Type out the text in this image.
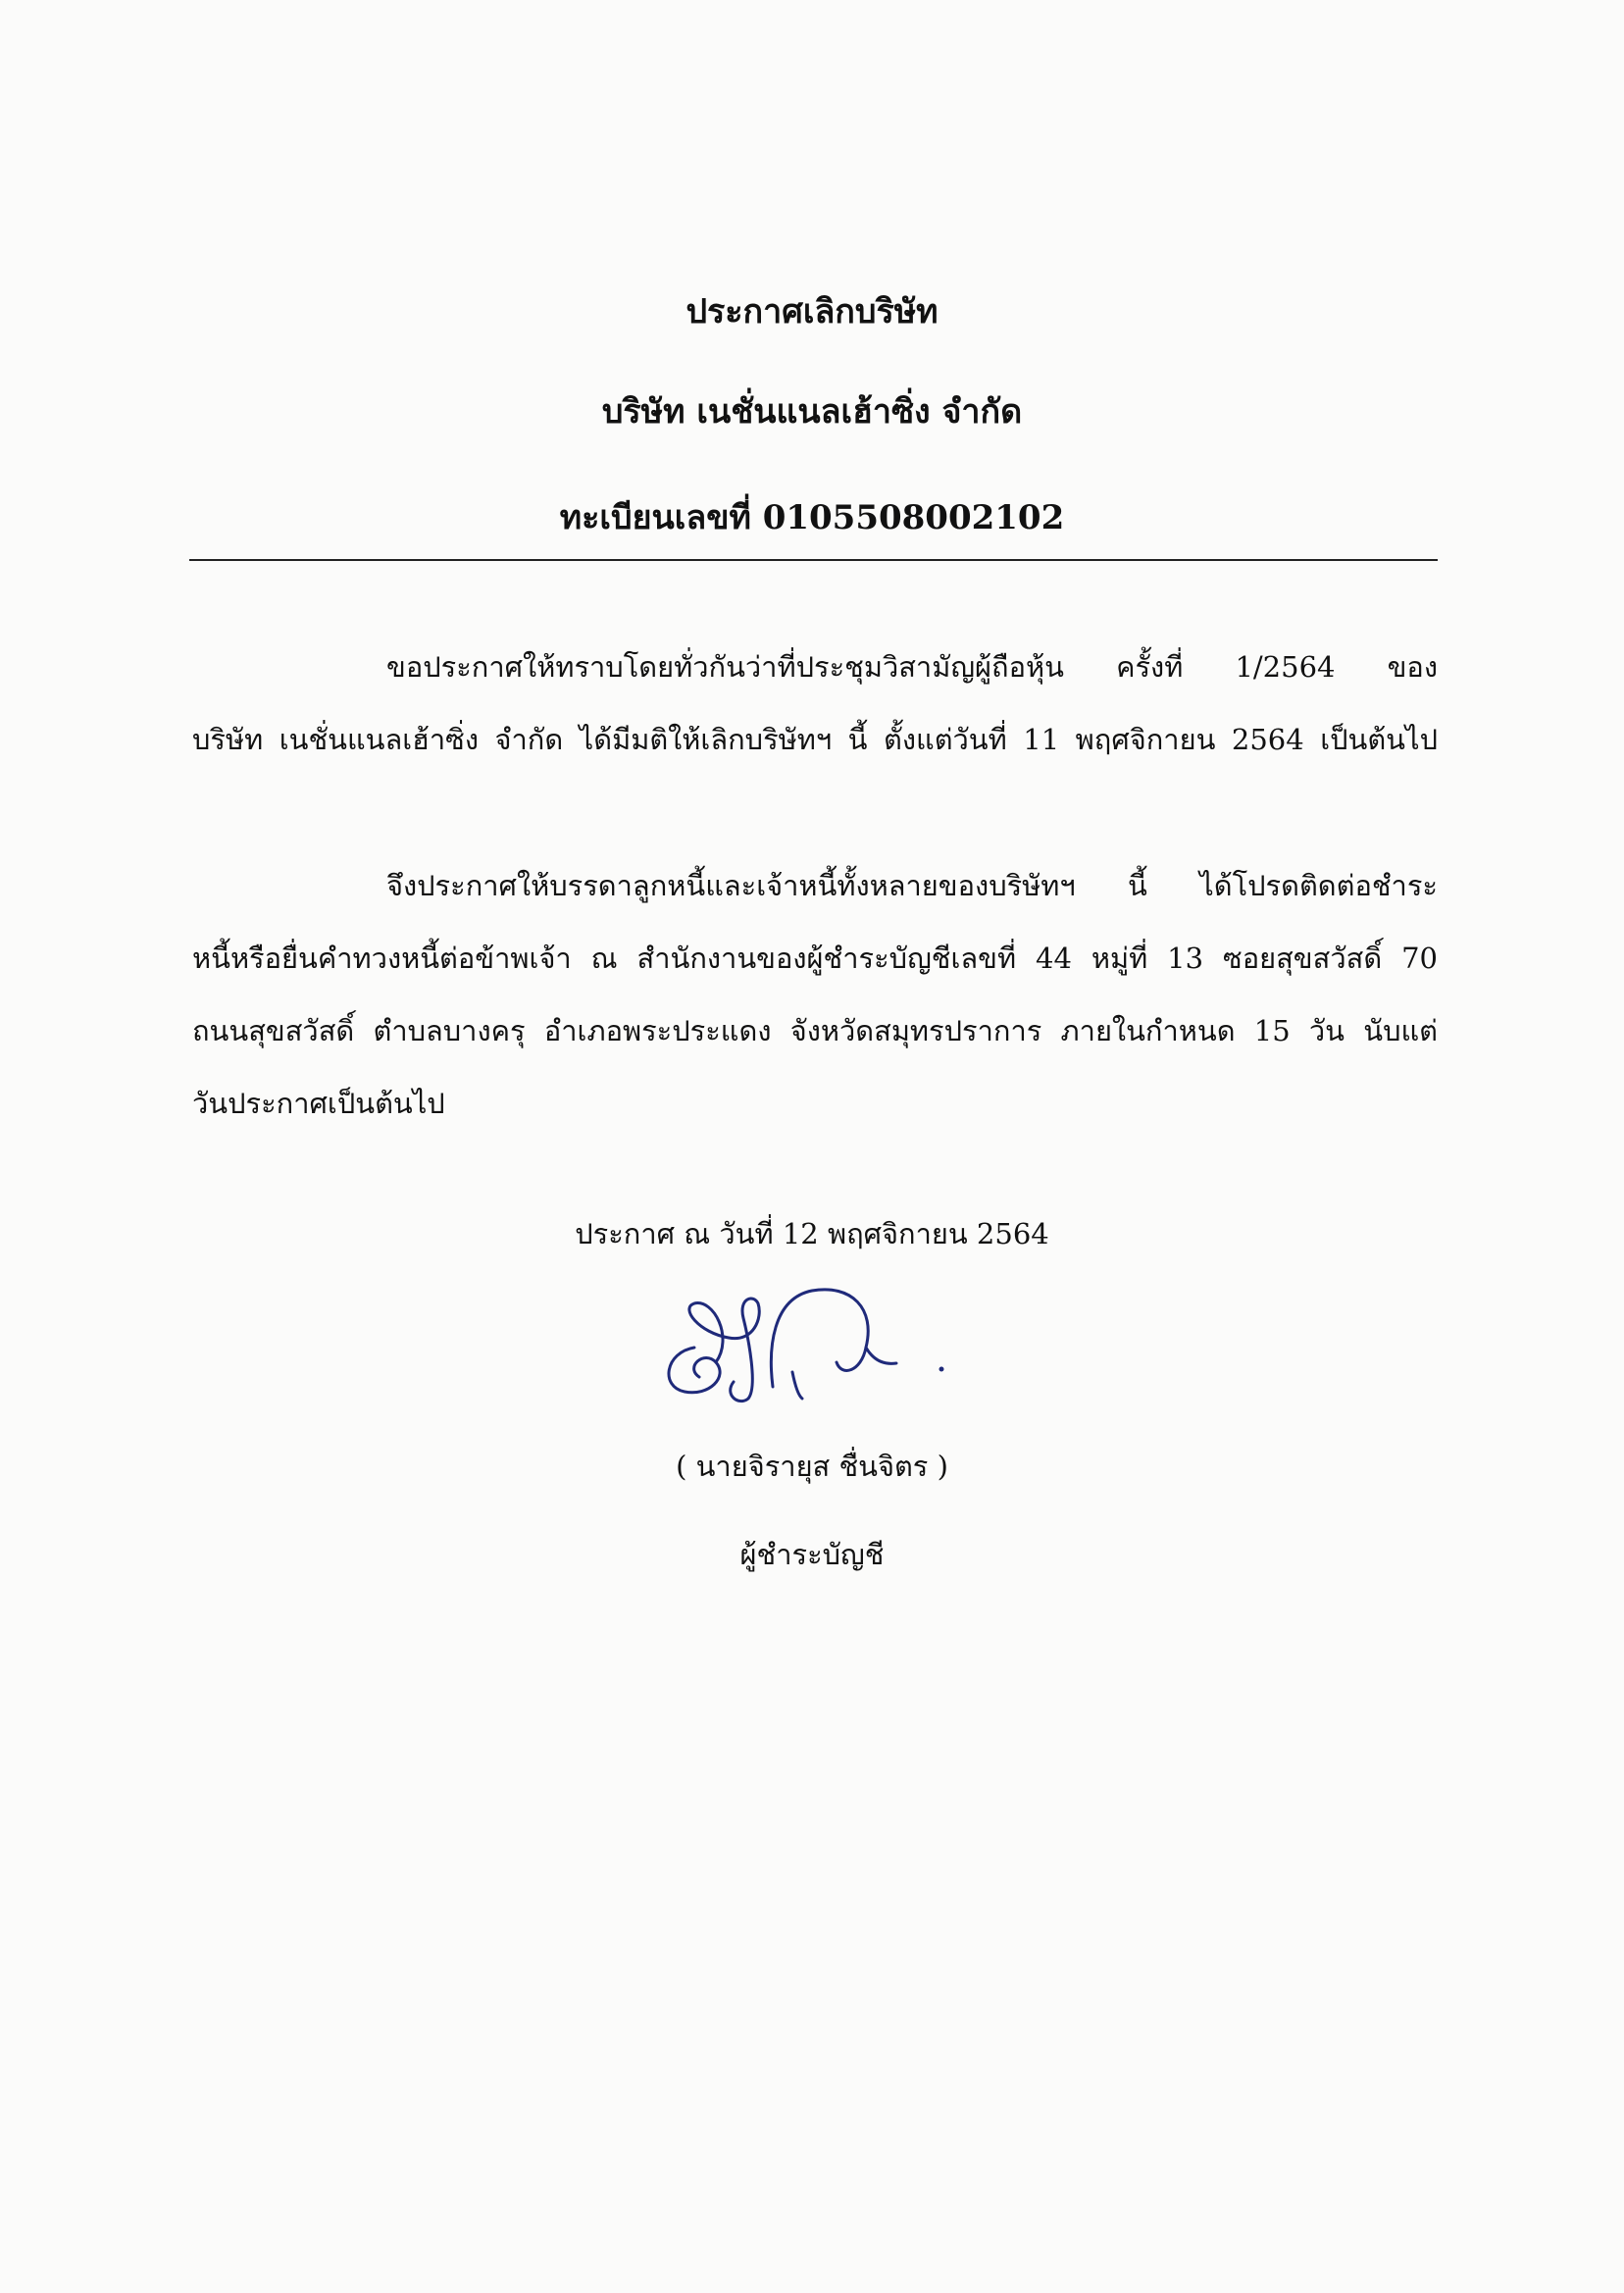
ประกาศเลิกบริษัท
บริษัท เนชั่นแนลเฮ้าซิ่ง จำกัด
ทะเบียนเลขที่ 0105508002102
ขอประกาศให้ทราบโดยทั่วกันว่าที่ประชุมวิสามัญผู้ถือหุ้น ครั้งที่ 1/2564 ของ
บริษัท เนชั่นแนลเฮ้าซิ่ง จำกัด ได้มีมติให้เลิกบริษัทฯ นี้ ตั้งแต่วันที่ 11 พฤศจิกายน 2564 เป็นต้นไป
จึงประกาศให้บรรดาลูกหนี้และเจ้าหนี้ทั้งหลายของบริษัทฯ นี้ ได้โปรดติดต่อชำระ
หนี้หรือยื่นคำทวงหนี้ต่อข้าพเจ้า ณ สำนักงานของผู้ชำระบัญชีเลขที่ 44 หมู่ที่ 13 ซอยสุขสวัสดิ์ 70
ถนนสุขสวัสดิ์ ตำบลบางครุ อำเภอพระประแดง จังหวัดสมุทรปราการ ภายในกำหนด 15 วัน นับแต่
วันประกาศเป็นต้นไป
ประกาศ ณ วันที่ 12 พฤศจิกายน 2564
( นายจิรายุส ชื่นจิตร )
ผู้ชำระบัญชี
